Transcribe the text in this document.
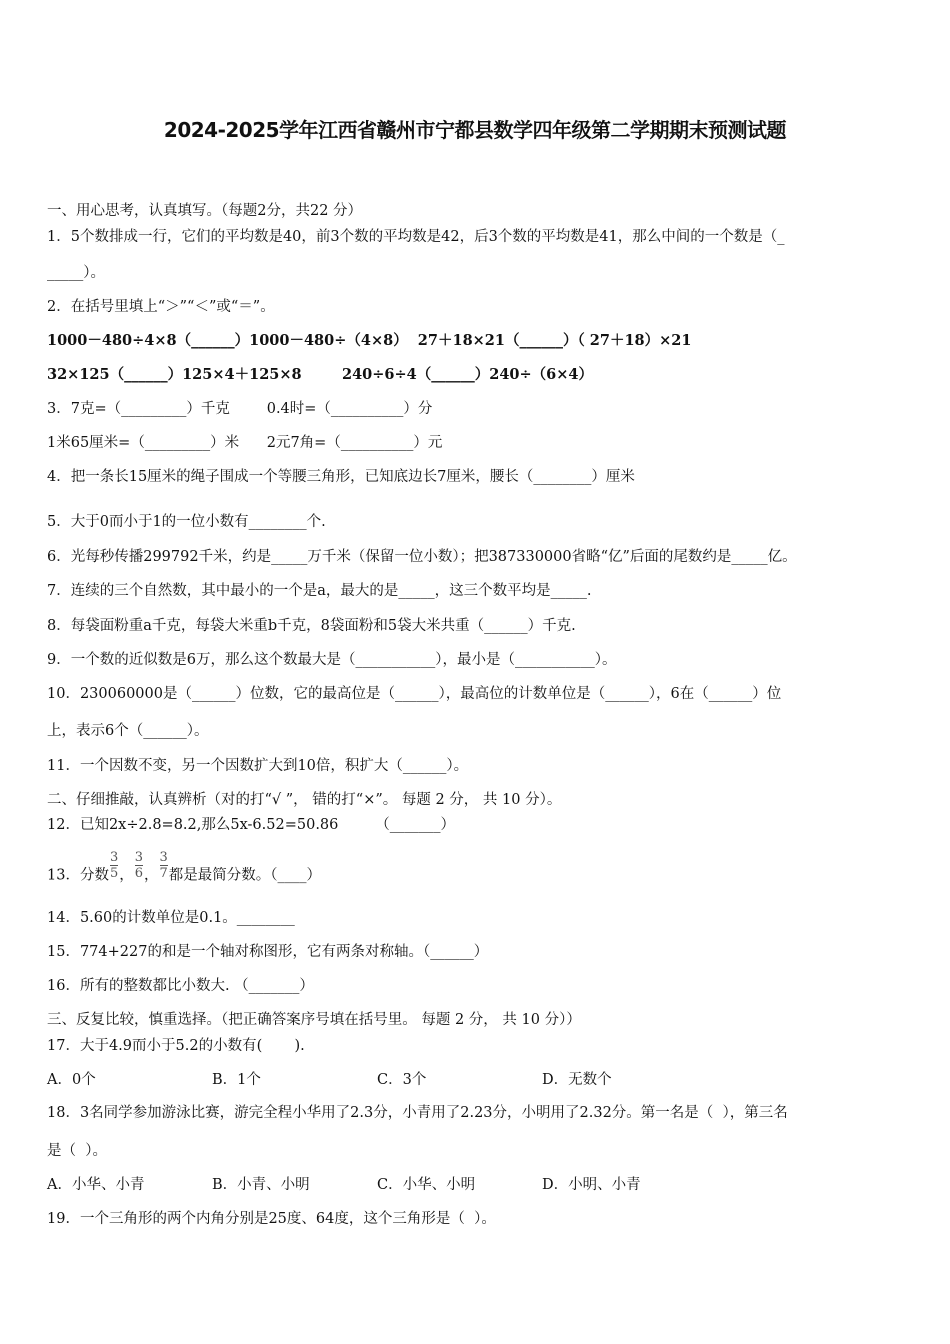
2024-2025学年江西省赣州市宁都县数学四年级第二学期期末预测试题
一、用心思考，认真填写。（每题2分，共22 分）
1．5个数排成一行，它们的平均数是40，前3个数的平均数是42，后3个数的平均数是41，那么中间的一个数是（_
_____）。
2．在括号里填上“＞”“＜”或“＝”。
1000－480÷4×8（______）1000－480÷（4×8）  27＋18×21（______）（ 27＋18）×21
32×125（______）125×4＋125×8        240÷6÷4（______）240÷（6×4）
3．7克=（_________）千克        0.4时=（__________）分
1米65厘米=（_________）米      2元7角=（__________）元
4．把一条长15厘米的绳子围成一个等腰三角形，已知底边长7厘米，腰长（________）厘米
5．大于0而小于1的一位小数有________个.
6．光每秒传播299792千米，约是_____万千米（保留一位小数）；把387330000省略“亿”后面的尾数约是_____亿。
7．连续的三个自然数，其中最小的一个是a，最大的是_____，这三个数平均是_____.
8．每袋面粉重a千克，每袋大米重b千克，8袋面粉和5袋大米共重（______）千克.
9．一个数的近似数是6万，那么这个数最大是（___________），最小是（___________）。
10．230060000是（______）位数，它的最高位是（______），最高位的计数单位是（______），6在（______）位
上，表示6个（______）。
11．一个因数不变，另一个因数扩大到10倍，积扩大（______）。
二、仔细推敲，认真辨析（对的打“√ ”， 错的打“×”。 每题 2 分， 共 10 分）。
12．已知2x÷2.8=8.2,那么5x-6.52=50.86        （_______）
13．分数 $\frac{3}{5}$ ， $\frac{3}{6}$ ， $\frac{3}{7}$ 都是最简分数。（____）
14．5.60的计数单位是0.1。________
15．774+227的和是一个轴对称图形，它有两条对称轴。（______）
16．所有的整数都比小数大. （_______）
三、反复比较，慎重选择。（把正确答案序号填在括号里。 每题 2 分， 共 10 分））
17．大于4.9而小于5.2的小数有(       ).
A．0个	B．1个	C．3个	D．无数个
18．3名同学参加游泳比赛，游完全程小华用了2.3分，小青用了2.23分，小明用了2.32分。第一名是（  ），第三名
是（  ）。
A．小华、小青	B．小青、小明	C．小华、小明	D．小明、小青
19．一个三角形的两个内角分别是25度、64度，这个三角形是（  ）。
